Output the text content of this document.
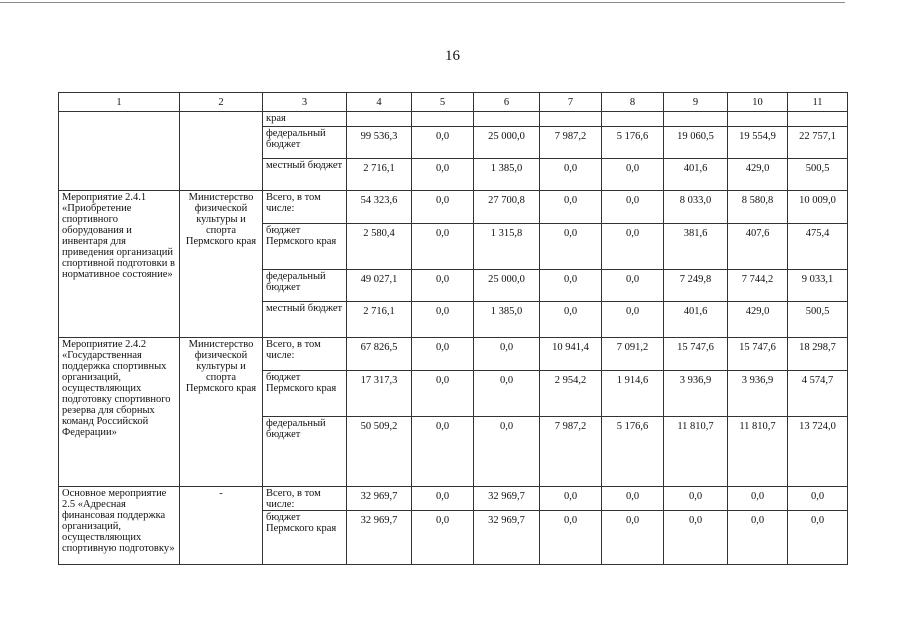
16
1	2	3	4	5	6	7	8	9	10	11
		края								
		федеральный бюджет	99 536,3	0,0	25 000,0	7 987,2	5 176,6	19 060,5	19 554,9	22 757,1
		местный бюджет	2 716,1	0,0	1 385,0	0,0	0,0	401,6	429,0	500,5
Мероприятие 2.4.1 «Приобретение спортивного оборудования и инвентаря для приведения организаций спортивной подготовки в нормативное состояние»	Министерство физической культуры и спорта Пермского края	Всего, в том числе:	54 323,6	0,0	27 700,8	0,0	0,0	8 033,0	8 580,8	10 009,0
		бюджет Пермского края	2 580,4	0,0	1 315,8	0,0	0,0	381,6	407,6	475,4
		федеральный бюджет	49 027,1	0,0	25 000,0	0,0	0,0	7 249,8	7 744,2	9 033,1
		местный бюджет	2 716,1	0,0	1 385,0	0,0	0,0	401,6	429,0	500,5
Мероприятие 2.4.2 «Государственная поддержка спортивных организаций, осуществляющих подготовку спортивного резерва для сборных команд Российской Федерации»	Министерство физической культуры и спорта Пермского края	Всего, в том числе:	67 826,5	0,0	0,0	10 941,4	7 091,2	15 747,6	15 747,6	18 298,7
		бюджет Пермского края	17 317,3	0,0	0,0	2 954,2	1 914,6	3 936,9	3 936,9	4 574,7
		федеральный бюджет	50 509,2	0,0	0,0	7 987,2	5 176,6	11 810,7	11 810,7	13 724,0
Основное мероприятие 2.5 «Адресная финансовая поддержка организаций, осуществляющих спортивную подготовку»	-	Всего, в том числе:	32 969,7	0,0	32 969,7	0,0	0,0	0,0	0,0	0,0
		бюджет Пермского края	32 969,7	0,0	32 969,7	0,0	0,0	0,0	0,0	0,0
